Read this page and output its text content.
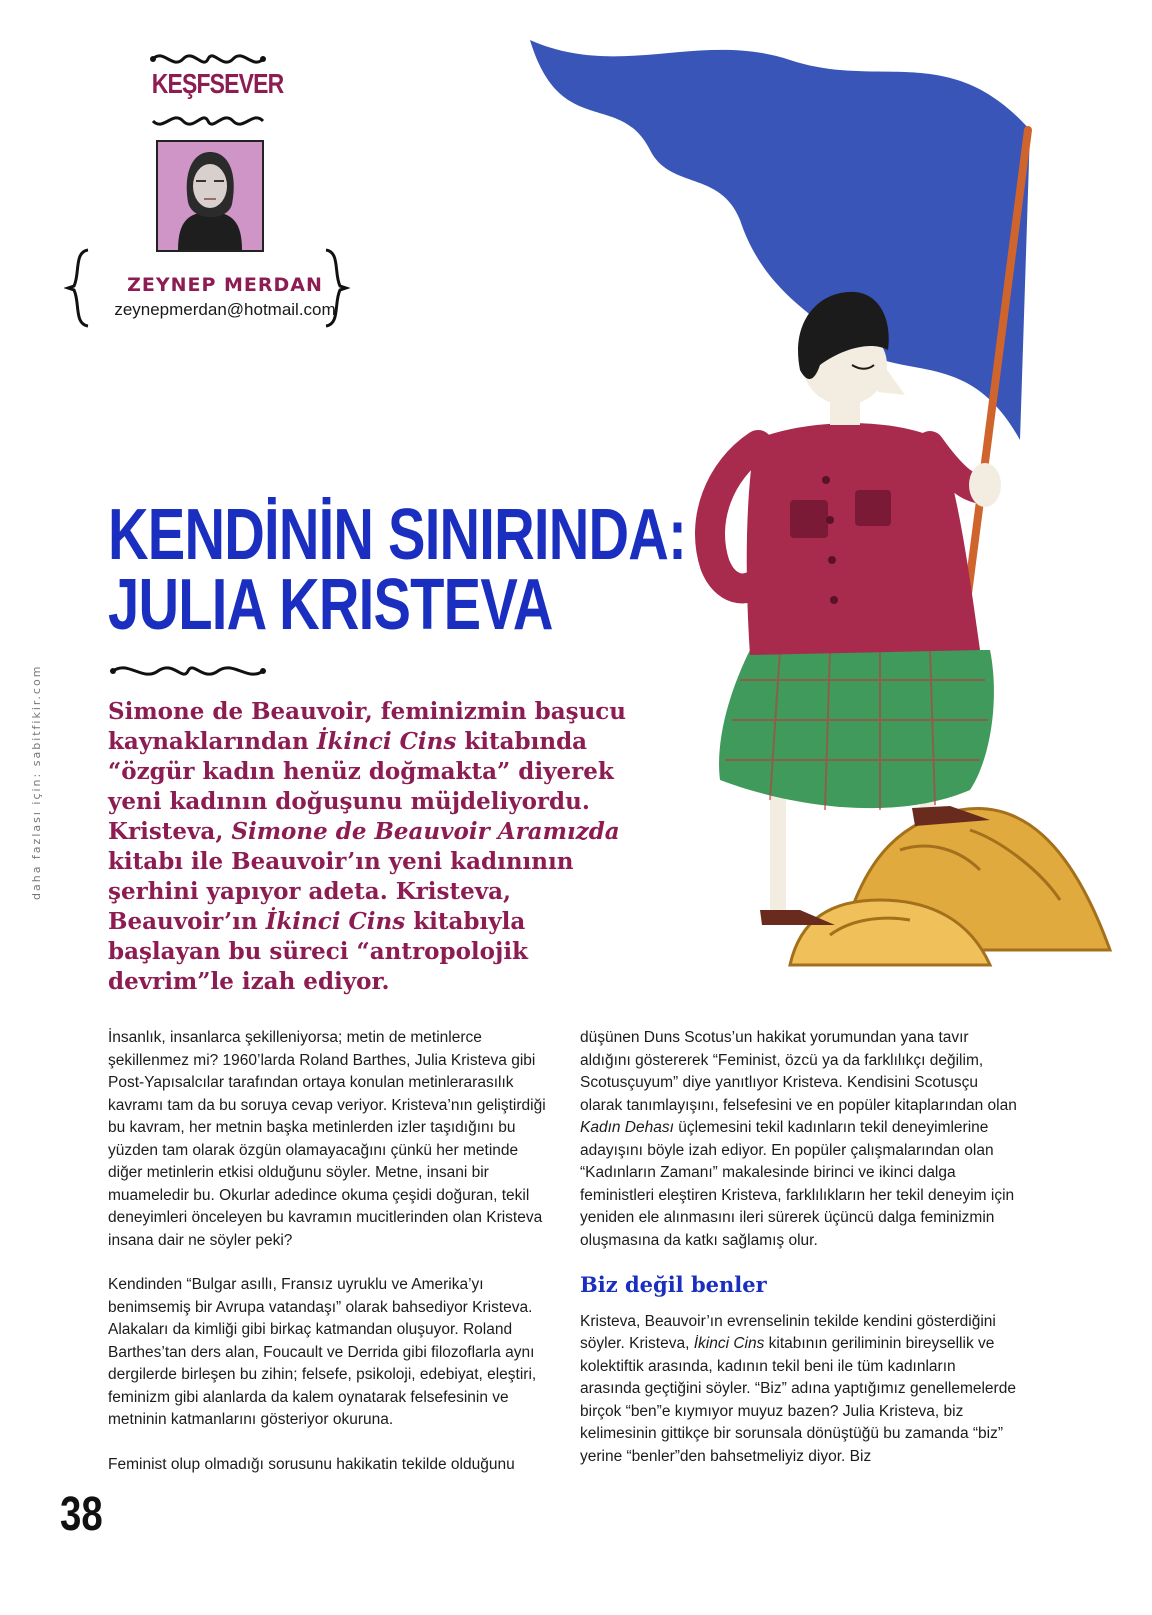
KEŞFSEVER
ZEYNEP MERDAN
zeynepmerdan@hotmail.com
KENDİNİN SINIRINDA:
JULIA KRISTEVA
daha fazlası için: sabitfikir.com	Simone de Beauvoir, feminizmin başucu kaynaklarından İkinci Cins kitabında “özgür kadın henüz doğmakta” diyerek yeni kadının doğuşunu müjdeliyordu. Kristeva, Simone de Beauvoir Aramızda kitabı ile Beauvoir’ın yeni kadınının şerhini yapıyor adeta. Kristeva, Beauvoir’ın İkinci Cins kitabıyla başlayan bu süreci “antropolojik devrim”le izah ediyor.

İnsanlık, insanlarca şekilleniyorsa; metin de metinlerce şekillenmez mi? 1960’larda Roland Barthes, Julia Kristeva gibi Post-Yapısalcılar tarafından ortaya konulan metinlerarasılık kavramı tam da bu soruya cevap veriyor. Kristeva’nın geliştirdiği bu kavram, her metnin başka metinlerden izler taşıdığını bu yüzden tam olarak özgün olamayacağını çünkü her metinde diğer metinlerin etkisi olduğunu söyler. Metne, insani bir muameledir bu. Okurlar adedince okuma çeşidi doğuran, tekil deneyimleri önceleyen bu kavramın mucitlerinden olan Kristeva insana dair ne söyler peki?

Kendinden “Bulgar asıllı, Fransız uyruklu ve Amerika’yı benimsemiş bir Avrupa vatandaşı” olarak bahsediyor Kristeva. Alakaları da kimliği gibi birkaç katmandan oluşuyor. Roland Barthes’tan ders alan, Foucault ve Derrida gibi filozoflarla aynı dergilerde birleşen bu zihin; felsefe, psikoloji, edebiyat, eleştiri, feminizm gibi alanlarda da kalem oynatarak felsefesinin ve metninin katmanlarını gösteriyor okuruna.

Feminist olup olmadığı sorusunu hakikatin tekilde olduğunu

düşünen Duns Scotus’un hakikat yorumundan yana tavır aldığını göstererek “Feminist, özcü ya da farklılıkçı değilim, Scotusçuyum” diye yanıtlıyor Kristeva. Kendisini Scotusçu olarak tanımlayışını, felsefesini ve en popüler kitaplarından olan Kadın Dehası üçlemesini tekil kadınların tekil deneyimlerine adayışını böyle izah ediyor. En popüler çalışmalarından olan “Kadınların Zamanı” makalesinde birinci ve ikinci dalga feministleri eleştiren Kristeva, farklılıkların her tekil deneyim için yeniden ele alınmasını ileri sürerek üçüncü dalga feminizmin oluşmasına da katkı sağlamış olur.

Biz değil benler

Kristeva, Beauvoir’ın evrenselinin tekilde kendini gösterdiğini söyler. Kristeva, İkinci Cins kitabının geriliminin bireysellik ve kolektiftik arasında, kadının tekil beni ile tüm kadınların arasında geçtiğini söyler. “Biz” adına yaptığımız genellemelerde birçok “ben”e kıymıyor muyuz bazen? Julia Kristeva, biz kelimesinin gittikçe bir sorunsala dönüştüğü bu zamanda “biz” yerine “benler”den bahsetmeliyiz diyor. Biz

38
